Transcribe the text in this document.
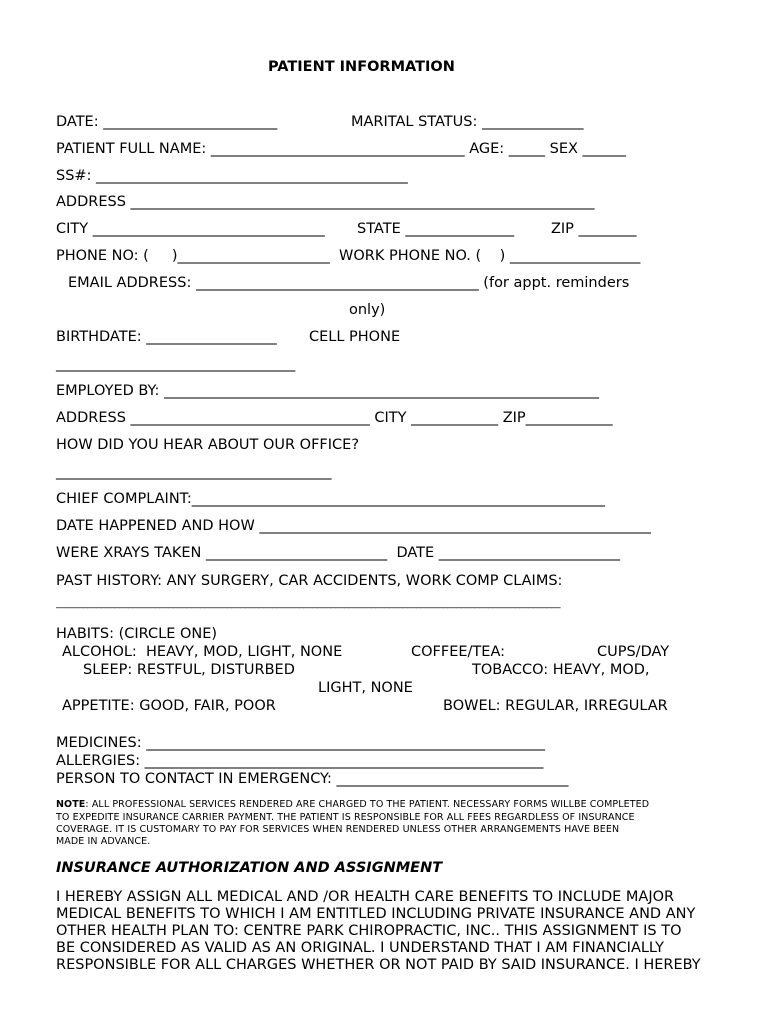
PATIENT INFORMATION
DATE: ________________________                MARITAL STATUS: ______________
PATIENT FULL NAME: ___________________________________ AGE: _____ SEX ______
SS#: ___________________________________________
ADDRESS ________________________________________________________________
CITY ________________________________       STATE _______________        ZIP ________
PHONE NO: (     )_____________________  WORK PHONE NO. (    ) __________________
EMAIL ADDRESS: _______________________________________ (for appt. reminders
only)
BIRTHDATE: __________________       CELL PHONE
_________________________________
EMPLOYED BY: ____________________________________________________________
ADDRESS _________________________________ CITY ____________ ZIP____________
HOW DID YOU HEAR ABOUT OUR OFFICE?
______________________________________
CHIEF COMPLAINT:_________________________________________________________
DATE HAPPENED AND HOW ______________________________________________________
WERE XRAYS TAKEN _________________________  DATE _________________________
PAST HISTORY: ANY SURGERY, CAR ACCIDENTS, WORK COMP CLAIMS:
________________________________________________________________________________________________________________
HABITS: (CIRCLE ONE)
ALCOHOL:  HEAVY, MOD, LIGHT, NONE	COFFEE/TEA:	CUPS/DAY
SLEEP: RESTFUL, DISTURBED	TOBACCO: HEAVY, MOD,
LIGHT, NONE
APPETITE: GOOD, FAIR, POOR	BOWEL: REGULAR, IRREGULAR
MEDICINES: _______________________________________________________
ALLERGIES: _______________________________________________________
PERSON TO CONTACT IN EMERGENCY: ________________________________
NOTE: ALL PROFESSIONAL SERVICES RENDERED ARE CHARGED TO THE PATIENT. NECESSARY FORMS WILLBE COMPLETED
TO EXPEDITE INSURANCE CARRIER PAYMENT. THE PATIENT IS RESPONSIBLE FOR ALL FEES REGARDLESS OF INSURANCE
COVERAGE. IT IS CUSTOMARY TO PAY FOR SERVICES WHEN RENDERED UNLESS OTHER ARRANGEMENTS HAVE BEEN
MADE IN ADVANCE.
INSURANCE AUTHORIZATION AND ASSIGNMENT
I HEREBY ASSIGN ALL MEDICAL AND /OR HEALTH CARE BENEFITS TO INCLUDE MAJOR
MEDICAL BENEFITS TO WHICH I AM ENTITLED INCLUDING PRIVATE INSURANCE AND ANY
OTHER HEALTH PLAN TO: CENTRE PARK CHIROPRACTIC, INC.. THIS ASSIGNMENT IS TO
BE CONSIDERED AS VALID AS AN ORIGINAL. I UNDERSTAND THAT I AM FINANCIALLY
RESPONSIBLE FOR ALL CHARGES WHETHER OR NOT PAID BY SAID INSURANCE. I HEREBY
